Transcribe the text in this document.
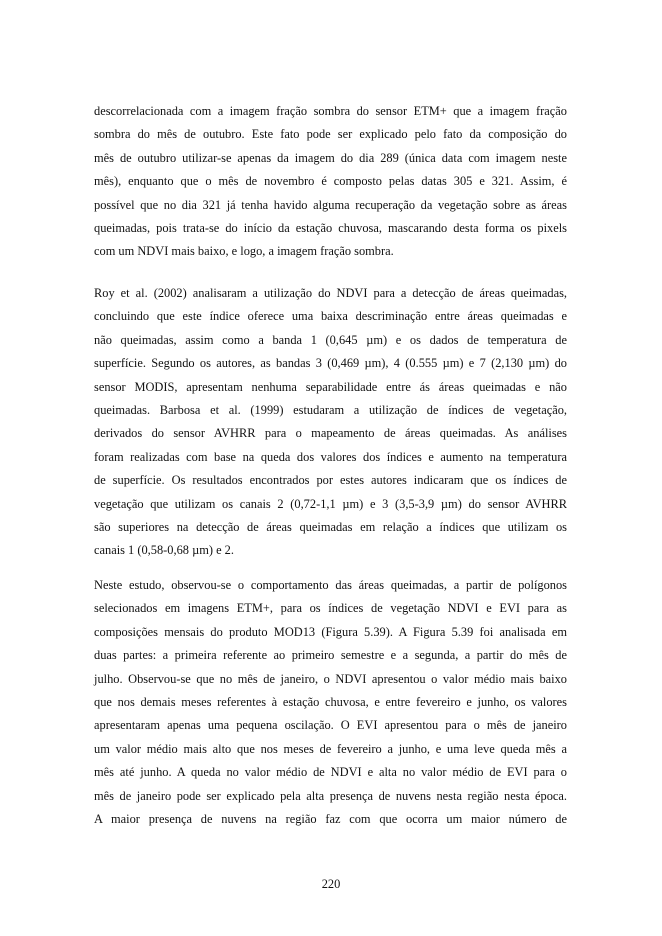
descorrelacionada com a imagem fração sombra do sensor ETM+ que a imagem fração
sombra do mês de outubro. Este fato pode ser explicado pelo fato da composição do
mês de outubro utilizar-se apenas da imagem do dia 289 (única data com imagem neste
mês), enquanto que o mês de novembro é composto pelas datas 305 e 321. Assim, é
possível que no dia 321 já tenha havido alguma recuperação da vegetação sobre as áreas
queimadas, pois trata-se do início da estação chuvosa, mascarando desta forma os pixels
com um NDVI mais baixo, e logo, a imagem fração sombra.
Roy et al. (2002) analisaram a utilização do NDVI para a detecção de áreas queimadas,
concluindo que este índice oferece uma baixa descriminação entre áreas queimadas e
não queimadas, assim como a banda 1 (0,645 µm) e os dados de temperatura de
superfície. Segundo os autores, as bandas 3 (0,469 µm), 4 (0.555 µm) e 7 (2,130 µm) do
sensor MODIS, apresentam nenhuma separabilidade entre ás áreas queimadas e não
queimadas. Barbosa et al. (1999) estudaram a utilização de índices de vegetação,
derivados do sensor AVHRR para o mapeamento de áreas queimadas. As análises
foram realizadas com base na queda dos valores dos índices e aumento na temperatura
de superfície. Os resultados encontrados por estes autores indicaram que os índices de
vegetação que utilizam os canais 2 (0,72-1,1 µm) e 3 (3,5-3,9 µm) do sensor AVHRR
são superiores na detecção de áreas queimadas em relação a índices que utilizam os
canais 1 (0,58-0,68 µm) e 2.
Neste estudo, observou-se o comportamento das áreas queimadas, a partir de polígonos
selecionados em imagens ETM+, para os índices de vegetação NDVI e EVI para as
composições mensais do produto MOD13 (Figura 5.39). A Figura 5.39 foi analisada em
duas partes: a primeira referente ao primeiro semestre e a segunda, a partir do mês de
julho. Observou-se que no mês de janeiro, o NDVI apresentou o valor médio mais baixo
que nos demais meses referentes à estação chuvosa, e entre fevereiro e junho, os valores
apresentaram apenas uma pequena oscilação. O EVI apresentou para o mês de janeiro
um valor médio mais alto que nos meses de fevereiro a junho, e uma leve queda mês a
mês até junho. A queda no valor médio de NDVI e alta no valor médio de EVI para o
mês de janeiro pode ser explicado pela alta presença de nuvens nesta região nesta época.
A maior presença de nuvens na região faz com que ocorra um maior número de
220
